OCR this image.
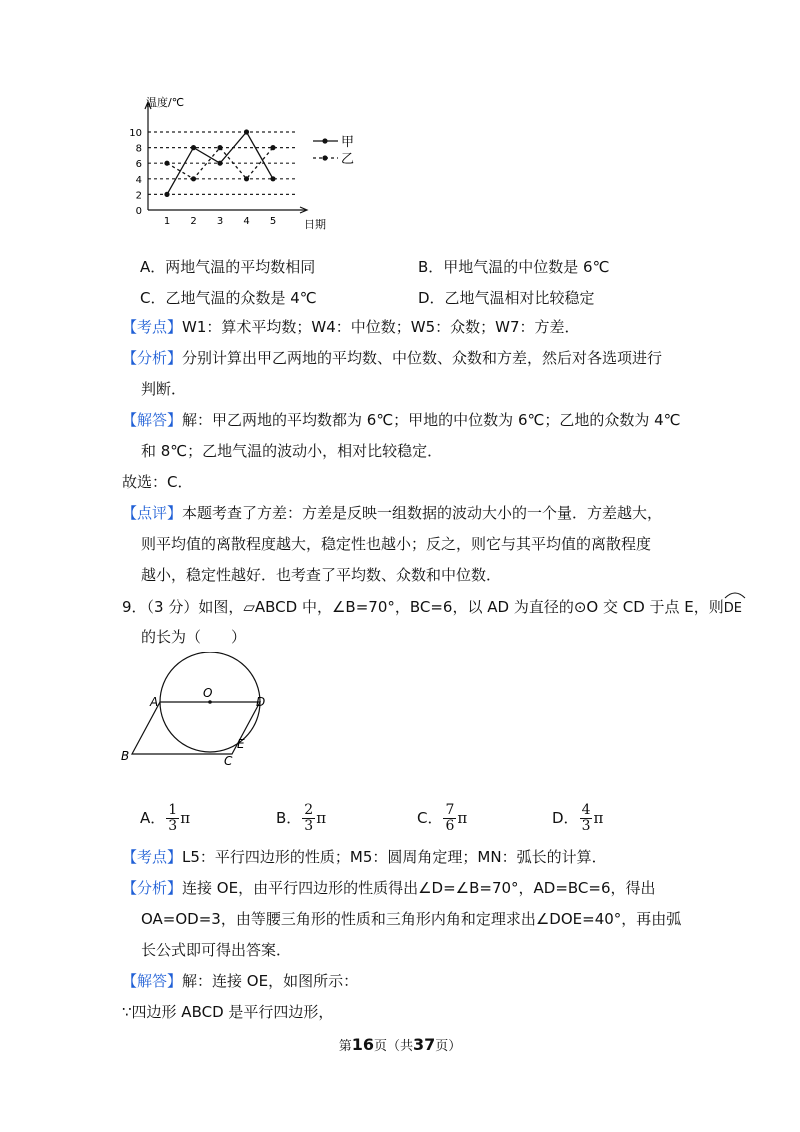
0
2
4
6
8
10
温度/℃
日期
1 2 3 4 5
甲
乙
A．两地气温的平均数相同	B．甲地气温的中位数是 6℃
C．乙地气温的众数是 4℃	D．乙地气温相对比较稳定
【考点】W1：算术平均数；W4：中位数；W5：众数；W7：方差．
【分析】分别计算出甲乙两地的平均数、中位数、众数和方差，然后对各选项进行
判断．
【解答】解：甲乙两地的平均数都为 6℃；甲地的中位数为 6℃；乙地的众数为 4℃
和 8℃；乙地气温的波动小，相对比较稳定．
故选：C．
【点评】本题考查了方差：方差是反映一组数据的波动大小的一个量．方差越大，
则平均值的离散程度越大，稳定性也越小；反之，则它与其平均值的离散程度
越小，稳定性越好．也考查了平均数、众数和中位数．
9．（3 分）如图，▱ABCD 中，∠B=70°，BC=6，以 AD 为直径的⊙O 交 CD 于点 E，则
DE
的长为（　　）
O
A	D
B	C
E
A． $\frac{1}{3}$ π	B． $\frac{2}{3}$ π	C． $\frac{7}{6}$ π	D． $\frac{4}{3}$ π
【考点】L5：平行四边形的性质；M5：圆周角定理；MN：弧长的计算．
【分析】连接 OE，由平行四边形的性质得出∠D=∠B=70°，AD=BC=6，得出
OA=OD=3，由等腰三角形的性质和三角形内角和定理求出∠DOE=40°，再由弧
长公式即可得出答案．
【解答】解：连接 OE，如图所示：
∵四边形 ABCD 是平行四边形，
第16页（共37页）
